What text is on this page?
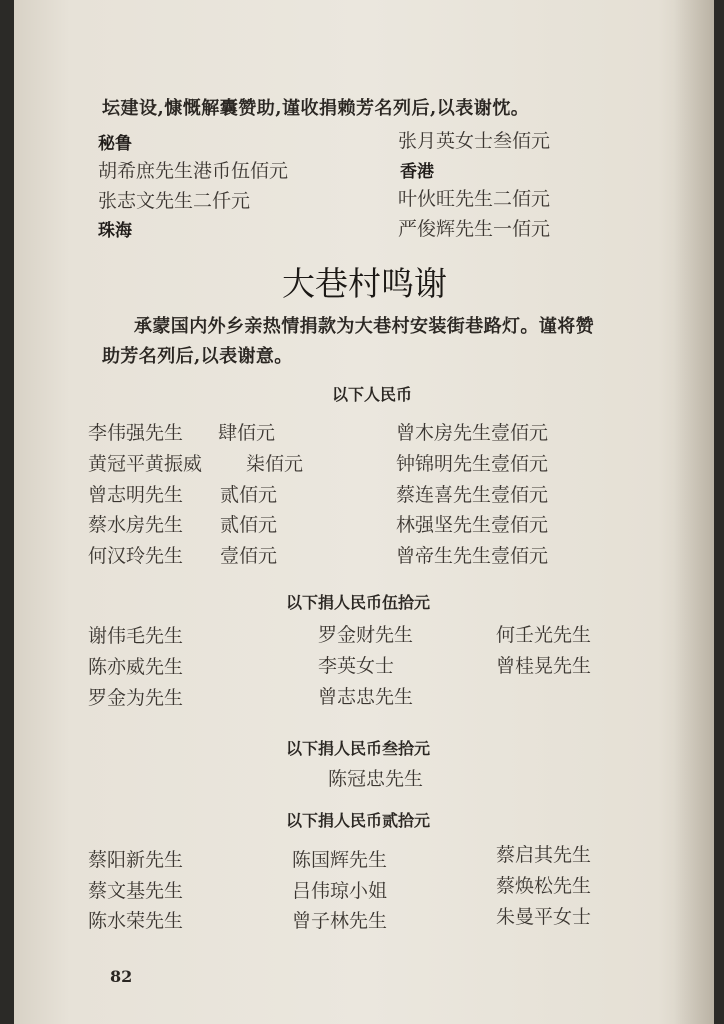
坛建设,慷慨解囊赞助,谨收捐赖芳名列后,以表谢忱。
秘鲁
胡希庶先生港币伍佰元
张志文先生二仟元
珠海
张月英女士叁佰元
香港
叶伙旺先生二佰元
严俊辉先生一佰元
大巷村鸣谢
承蒙国内外乡亲热情捐款为大巷村安装街巷路灯。谨将赞
助芳名列后,以表谢意。
以下人民币
李伟强先生 肆佰元
黄冠平黄振威 柒佰元
曾志明先生 贰佰元
蔡水房先生 贰佰元
何汉玲先生 壹佰元
曾木房先生壹佰元
钟锦明先生壹佰元
蔡连喜先生壹佰元
林强坚先生壹佰元
曾帝生先生壹佰元
以下捐人民币伍拾元
谢伟毛先生
陈亦威先生
罗金为先生
罗金财先生
李英女士
曾志忠先生
何壬光先生
曾桂晃先生
以下捐人民币叁拾元
陈冠忠先生
以下捐人民币贰拾元
蔡阳新先生
蔡文基先生
陈水荣先生
陈国辉先生
吕伟琼小姐
曾子林先生
蔡启其先生
蔡焕松先生
朱曼平女士
82
